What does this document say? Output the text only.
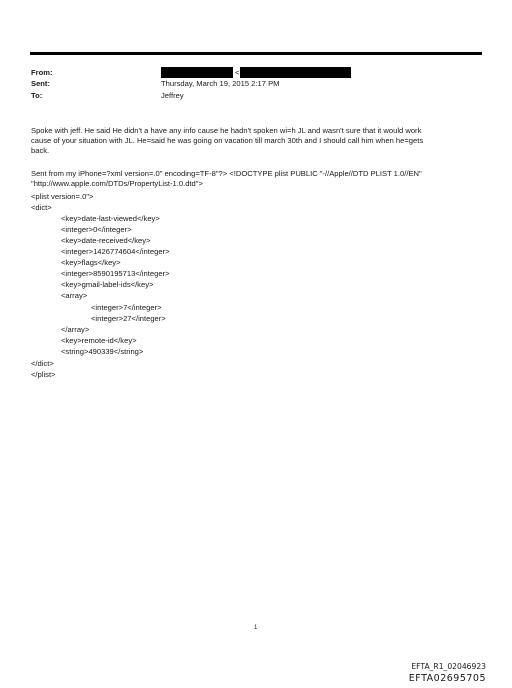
From:
Sent:
To:
<
Thursday, March 19, 2015 2:17 PM
Jeffrey
Spoke with jeff. He said He didn't a have any info cause he hadn't spoken wi=h JL and wasn't sure that it would work
cause of your situation with JL. He=said he was going on vacation till march 30th and I should call him when he=gets
back.
Sent from my iPhone=?xml version=.0" encoding=TF-8"?> <!DOCTYPE plist PUBLIC "-//Apple//DTD PLIST 1.0//EN"
"http://www.apple.com/DTDs/PropertyList-1.0.dtd">
<plist version=.0">
<dict>
<key>date-last-viewed</key>
<integer>0</integer>
<key>date-received</key>
<integer>1426774604</integer>
<key>flags</key>
<integer>8590195713</integer>
<key>gmail-label-ids</key>
<array>
<integer>7</integer>
<integer>27</integer>
</array>
<key>remote-id</key>
<string>490339</string>
</dict>
</plist>
1
EFTA_R1_02046923
EFTA02695705
